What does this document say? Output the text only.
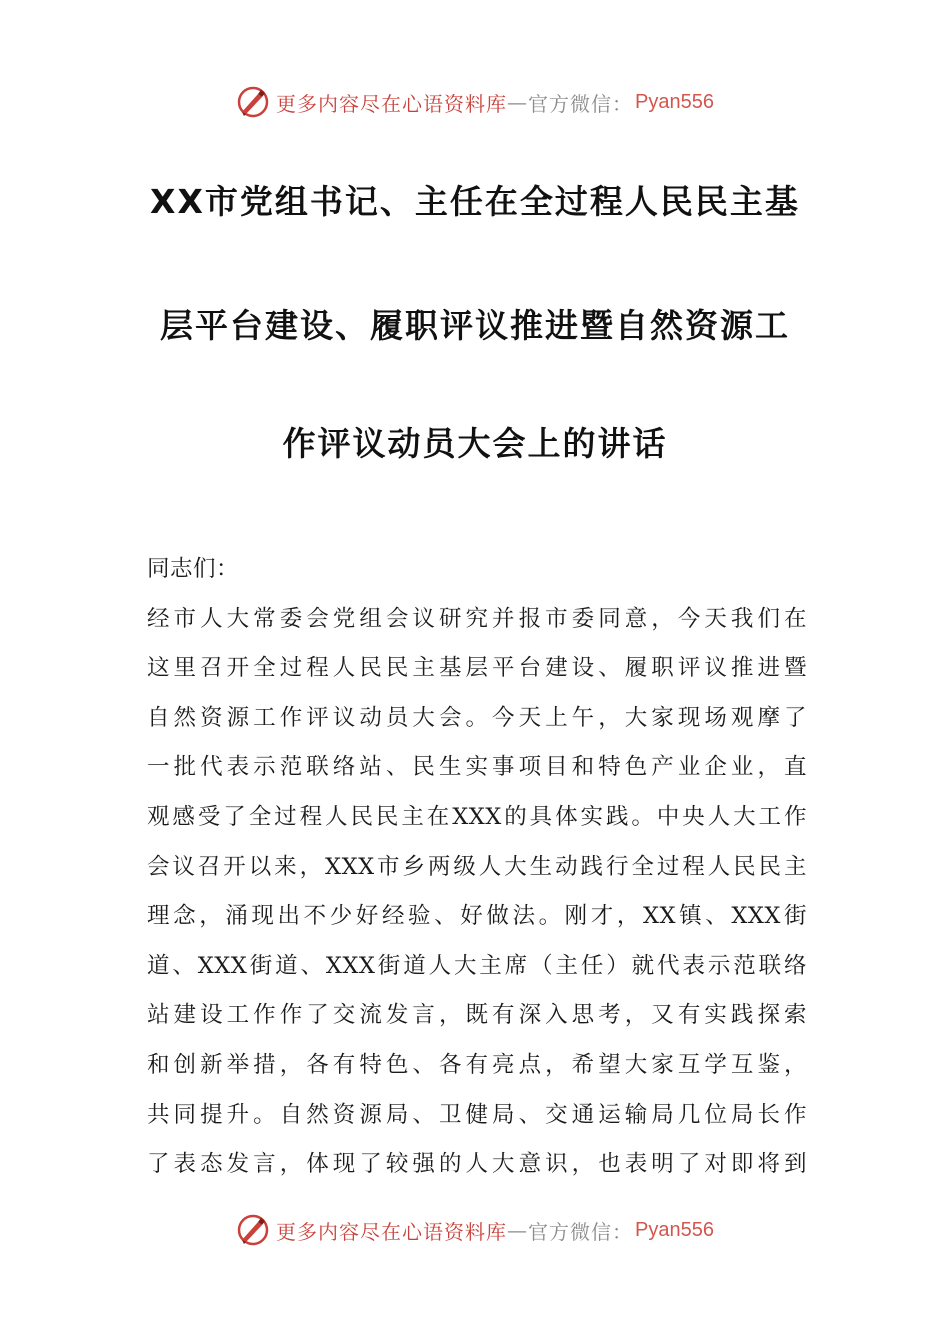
更多内容尽在心语资料库 — 官方微信： Pyan556
XX市党组书记、主任在全过程人民民主基
层平台建设、履职评议推进暨自然资源工
作评议动员大会上的讲话
同志们：
经市人大常委会党组会议研究并报市委同意，今天我们在
这里召开全过程人民民主基层平台建设、履职评议推进暨
自然资源工作评议动员大会。今天上午，大家现场观摩了
一批代表示范联络站、民生实事项目和特色产业企业，直
观感受了全过程人民民主在XXX的具体实践。中央人大工作
会议召开以来，XXX市乡两级人大生动践行全过程人民民主
理念，涌现出不少好经验、好做法。刚才，XX镇、XXX街
道、XXX街道、XXX街道人大主席（主任）就代表示范联络
站建设工作作了交流发言，既有深入思考，又有实践探索
和创新举措，各有特色、各有亮点，希望大家互学互鉴，
共同提升。自然资源局、卫健局、交通运输局几位局长作
了表态发言，体现了较强的人大意识，也表明了对即将到
更多内容尽在心语资料库 — 官方微信： Pyan556
